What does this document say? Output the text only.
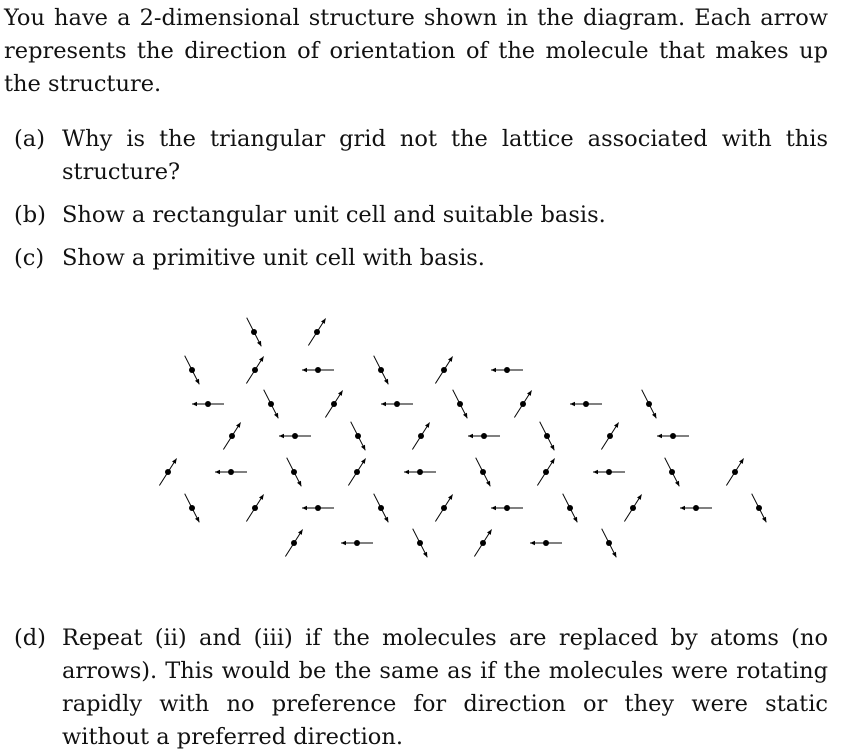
You have a 2-dimensional structure shown in the diagram. Each arrow represents the direction of orientation of the molecule that makes up the structure.

(a) Why is the triangular grid not the lattice associated with this structure?
(b) Show a rectangular unit cell and suitable basis.
(c) Show a primitive unit cell with basis.
(d) Repeat (ii) and (iii) if the molecules are replaced by atoms (no arrows). This would be the same as if the molecules were rotating rapidly with no preference for direction or they were static without a preferred direction.
